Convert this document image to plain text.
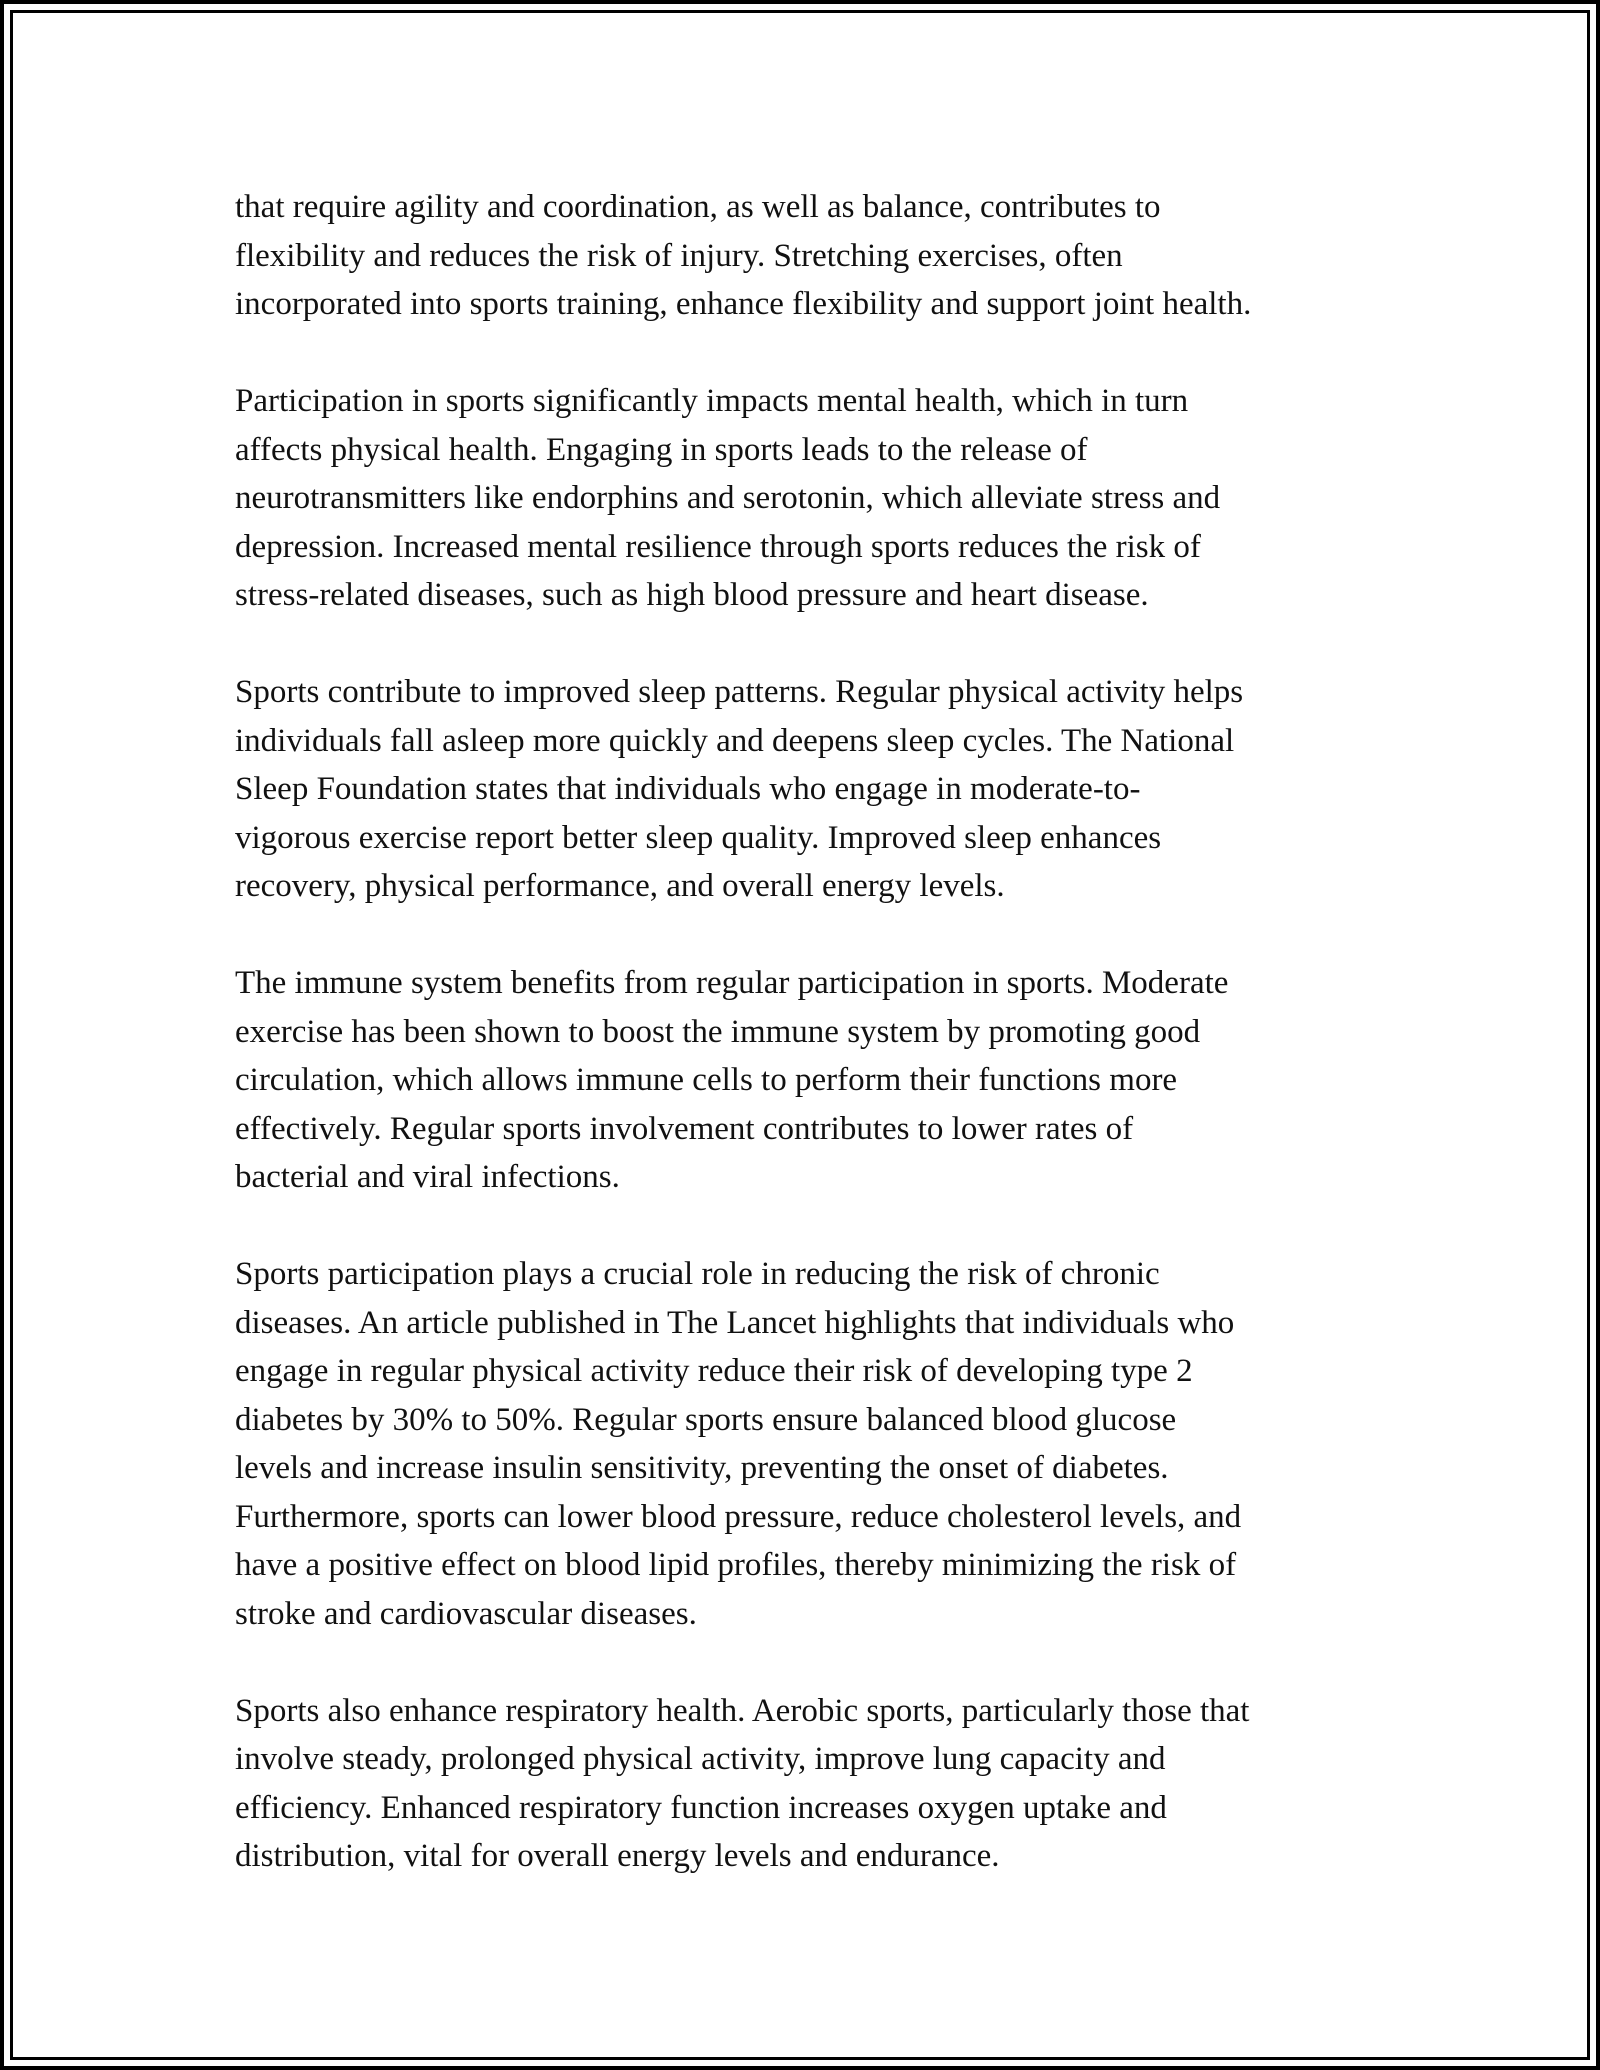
that require agility and coordination, as well as balance, contributes to
flexibility and reduces the risk of injury. Stretching exercises, often
incorporated into sports training, enhance flexibility and support joint health.

Participation in sports significantly impacts mental health, which in turn
affects physical health. Engaging in sports leads to the release of
neurotransmitters like endorphins and serotonin, which alleviate stress and
depression. Increased mental resilience through sports reduces the risk of
stress-related diseases, such as high blood pressure and heart disease.

Sports contribute to improved sleep patterns. Regular physical activity helps
individuals fall asleep more quickly and deepens sleep cycles. The National
Sleep Foundation states that individuals who engage in moderate-to-
vigorous exercise report better sleep quality. Improved sleep enhances
recovery, physical performance, and overall energy levels.

The immune system benefits from regular participation in sports. Moderate
exercise has been shown to boost the immune system by promoting good
circulation, which allows immune cells to perform their functions more
effectively. Regular sports involvement contributes to lower rates of
bacterial and viral infections.

Sports participation plays a crucial role in reducing the risk of chronic
diseases. An article published in The Lancet highlights that individuals who
engage in regular physical activity reduce their risk of developing type 2
diabetes by 30% to 50%. Regular sports ensure balanced blood glucose
levels and increase insulin sensitivity, preventing the onset of diabetes.
Furthermore, sports can lower blood pressure, reduce cholesterol levels, and
have a positive effect on blood lipid profiles, thereby minimizing the risk of
stroke and cardiovascular diseases.

Sports also enhance respiratory health. Aerobic sports, particularly those that
involve steady, prolonged physical activity, improve lung capacity and
efficiency. Enhanced respiratory function increases oxygen uptake and
distribution, vital for overall energy levels and endurance.
